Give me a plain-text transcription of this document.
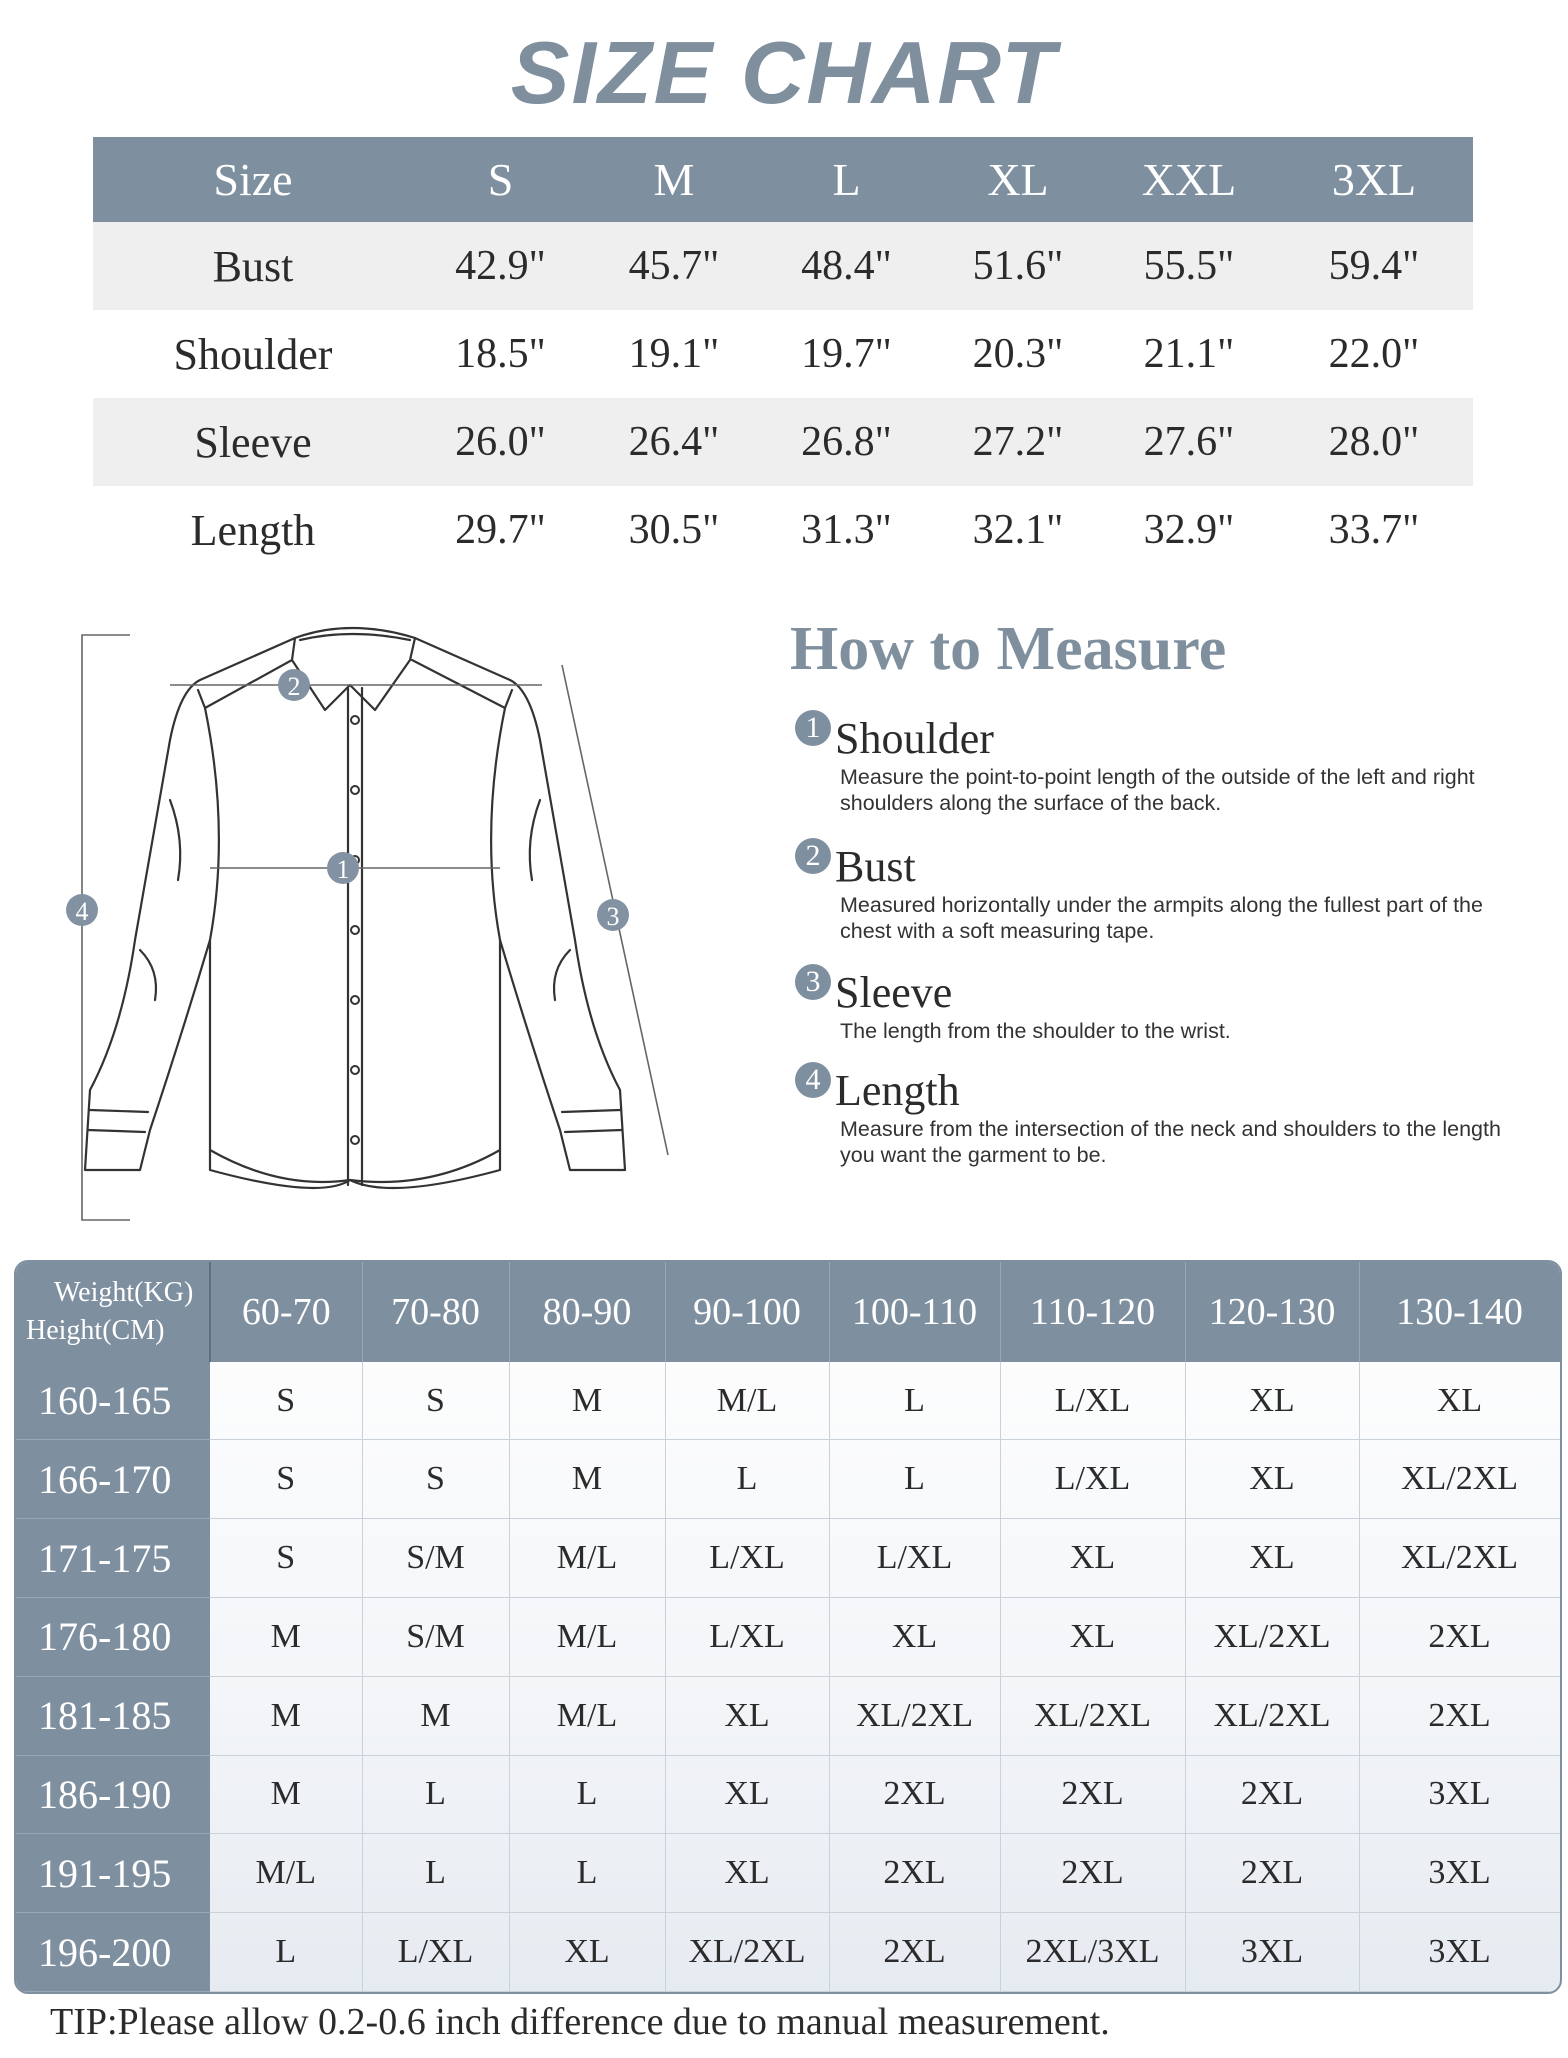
SIZE CHART
Size	S	M	L	XL	XXL	3XL
Bust	42.9"	45.7"	48.4"	51.6"	55.5"	59.4"
Shoulder	18.5"	19.1"	19.7"	20.3"	21.1"	22.0"
Sleeve	26.0"	26.4"	26.8"	27.2"	27.6"	28.0"
Length	29.7"	30.5"	31.3"	32.1"	32.9"	33.7"
2
1
4	3
How to Measure
1 Shoulder
Measure the point-to-point length of the outside of the left and right shoulders along the surface of the back.
2 Bust
Measured horizontally under the armpits along the fullest part of the chest with a soft measuring tape.
3 Sleeve
The length from the shoulder to the wrist.
4 Length
Measure from the intersection of the neck and shoulders to the length you want the garment to be.
Weight(KG)
Height(CM)	60-70	70-80	80-90	90-100	100-110	110-120	120-130	130-140
160-165	S	S	M	M/L	L	L/XL	XL	XL
166-170	S	S	M	L	L	L/XL	XL	XL/2XL
171-175	S	S/M	M/L	L/XL	L/XL	XL	XL	XL/2XL
176-180	M	S/M	M/L	L/XL	XL	XL	XL/2XL	2XL
181-185	M	M	M/L	XL	XL/2XL	XL/2XL	XL/2XL	2XL
186-190	M	L	L	XL	2XL	2XL	2XL	3XL
191-195	M/L	L	L	XL	2XL	2XL	2XL	3XL
196-200	L	L/XL	XL	XL/2XL	2XL	2XL/3XL	3XL	3XL
TIP:Please allow 0.2-0.6 inch difference due to manual measurement.
